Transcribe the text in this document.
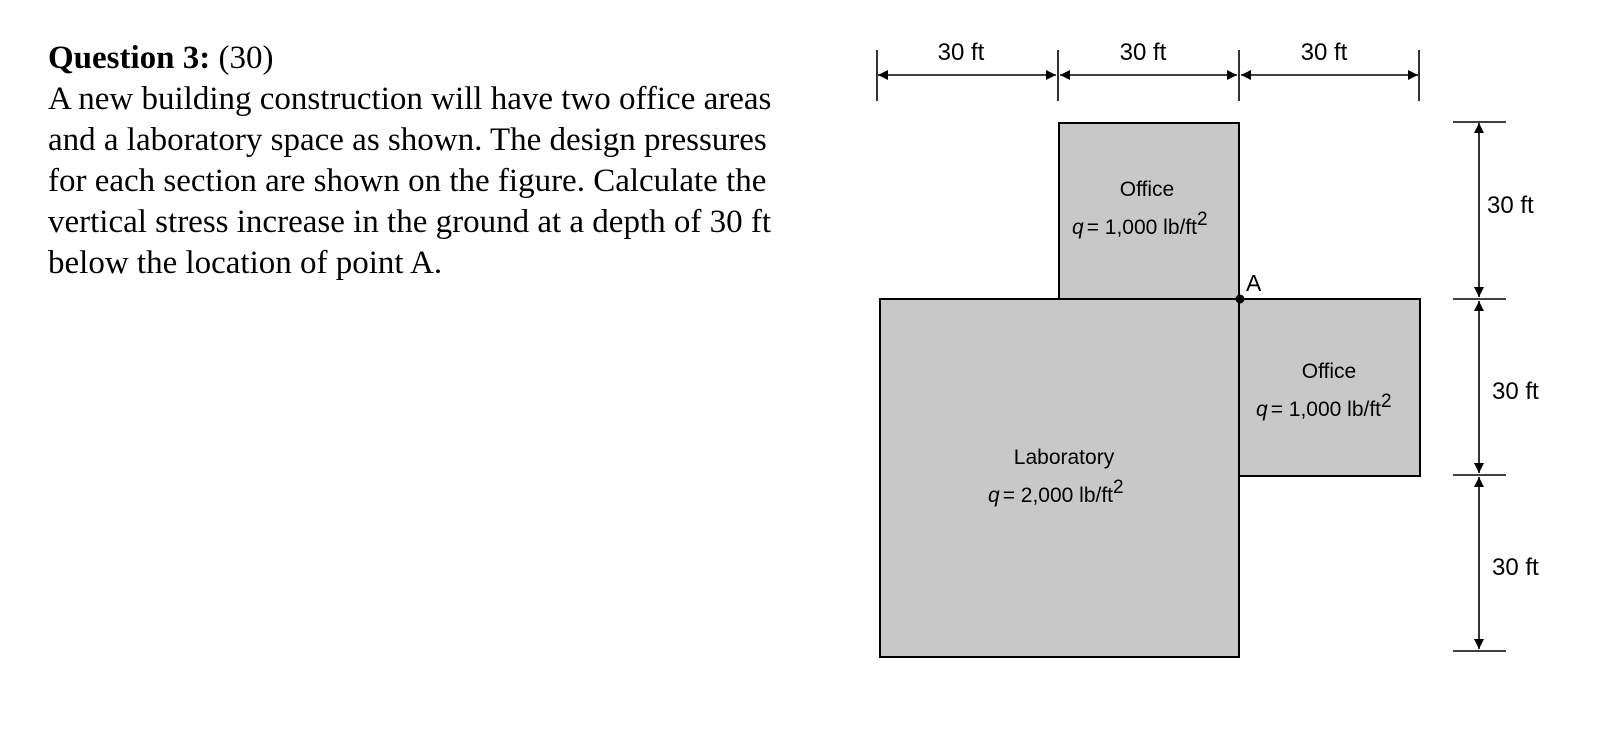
Question 3: (30)

A new building construction will have two office areas
and a laboratory space as shown. The design pressures
for each section are shown on the figure. Calculate the
vertical stress increase in the ground at a depth of 30 ft
below the location of point A.
A
Office
q = 1,000 lb/ft2
Office
q = 1,000 lb/ft2
Laboratory
q = 2,000 lb/ft2
30 ft	30 ft	30 ft
30 ft
30 ft
30 ft
